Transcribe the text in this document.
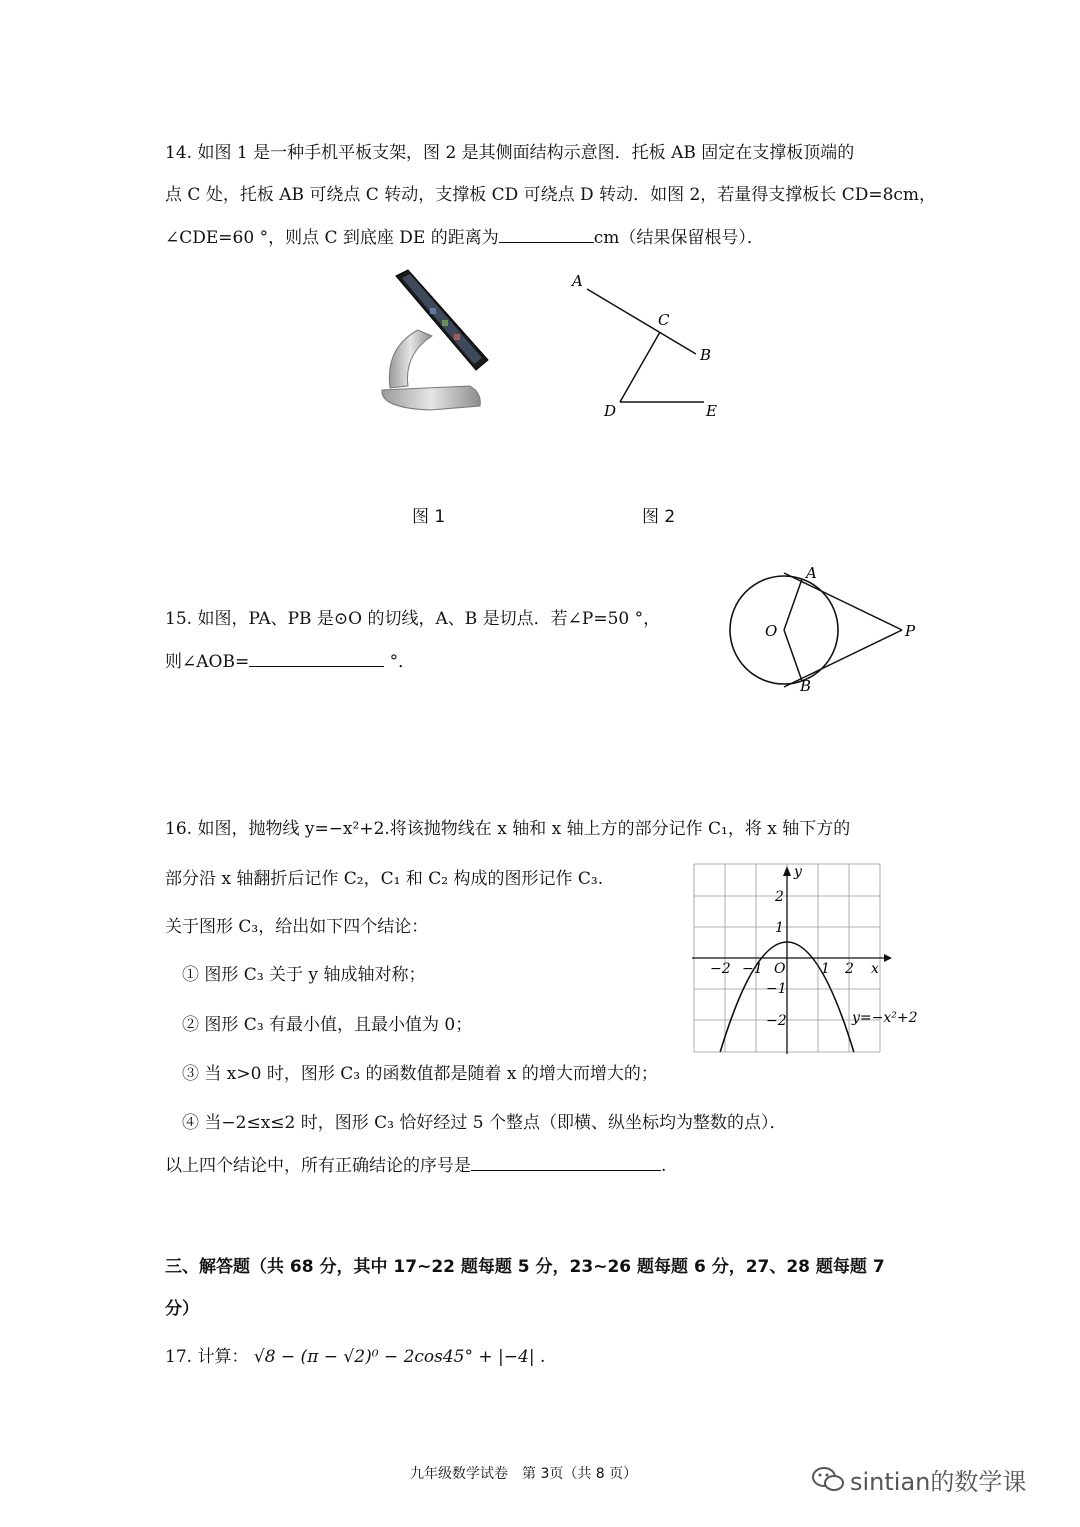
14. 如图 1 是一种手机平板支架，图 2 是其侧面结构示意图．托板 AB 固定在支撑板顶端的
点 C 处，托板 AB 可绕点 C 转动，支撑板 CD 可绕点 D 转动．如图 2，若量得支撑板长 CD=8cm，
∠CDE=60 °，则点 C 到底座 DE 的距离为	cm（结果保留根号）．
A
C
B
D	E
图 1	图 2
15. 如图，PA、PB 是⊙O 的切线，A、B 是切点．若∠P=50 °，
则∠AOB=	°．
A
B
O	P
16. 如图，抛物线 y=−x²+2.将该抛物线在 x 轴和 x 轴上方的部分记作 C₁，将 x 轴下方的
部分沿 x 轴翻折后记作 C₂，C₁ 和 C₂ 构成的图形记作 C₃.
关于图形 C₃，给出如下四个结论：
① 图形 C₃ 关于 y 轴成轴对称；
② 图形 C₃ 有最小值，且最小值为 0；
③ 当 x>0 时，图形 C₃ 的函数值都是随着 x 的增大而增大的；
④ 当−2≤x≤2 时，图形 C₃ 恰好经过 5 个整点（即横、纵坐标均为整数的点）．
以上四个结论中，所有正确结论的序号是	.
y
x
O
−2 −1	1 2
2
1
−1
−2	y=−x²+2
三、解答题（共 68 分，其中 17~22 题每题 5 分，23~26 题每题 6 分，27、28 题每题 7
分）
17. 计算： √8 − (π − √2)⁰ − 2cos45° + |−4| .
九年级数学试卷　第 3页（共 8 页）	sintian的数学课
